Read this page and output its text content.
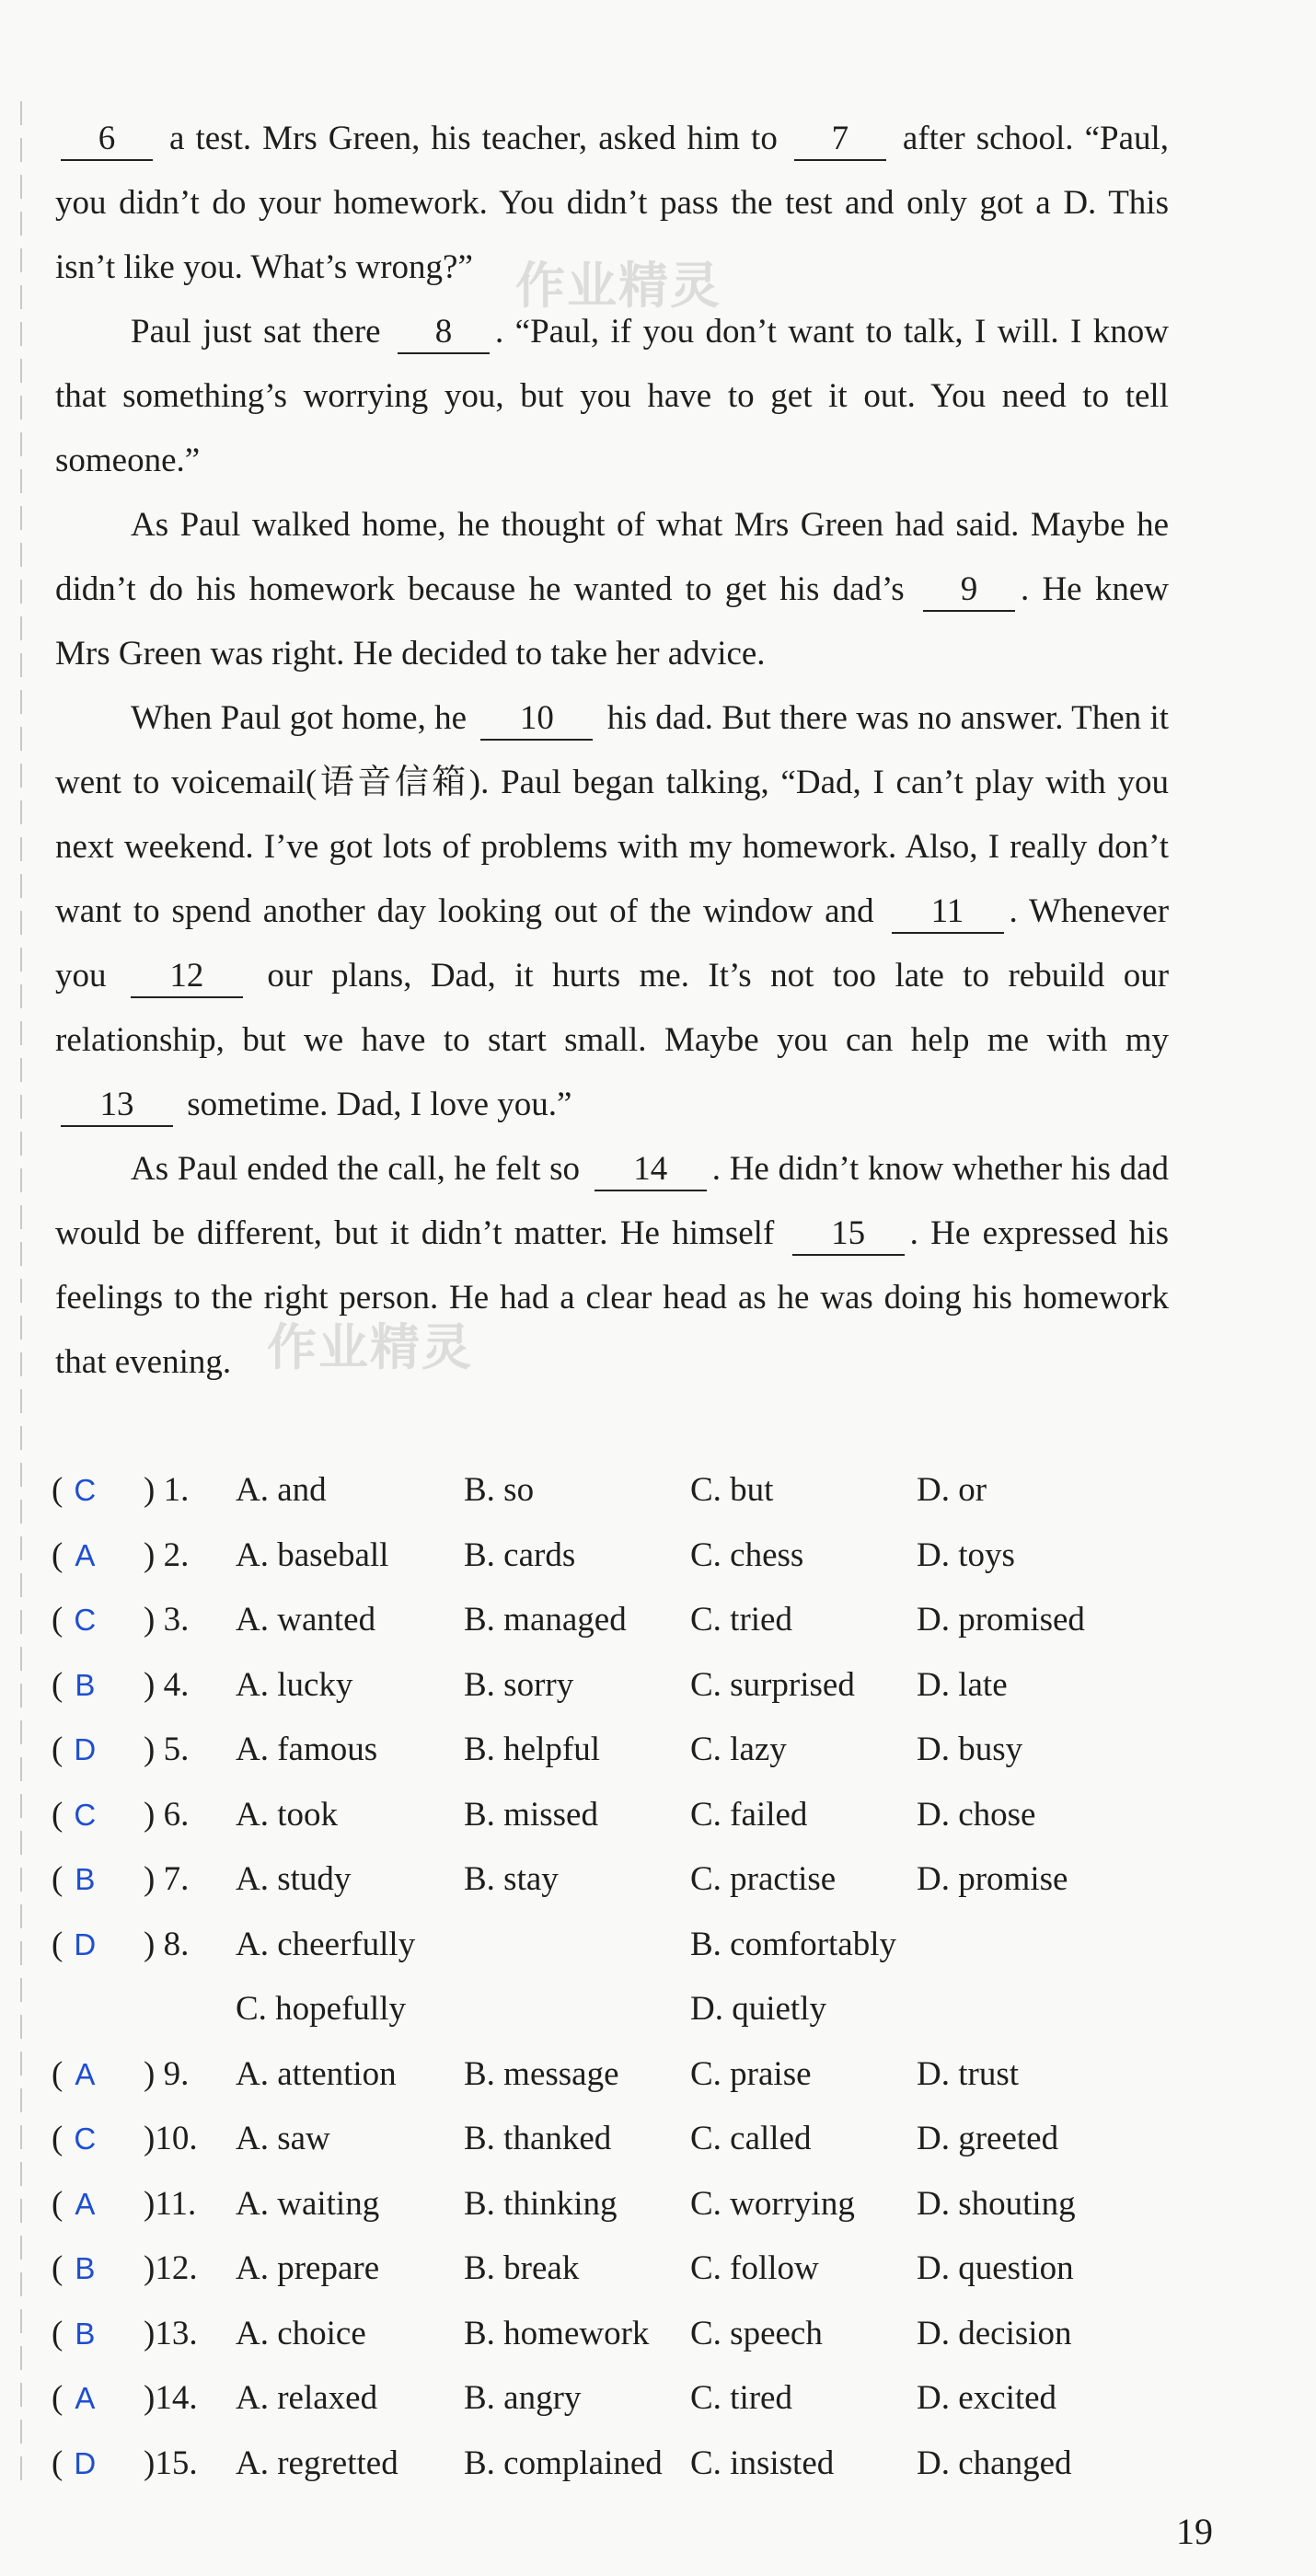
6 a test. Mrs Green, his teacher, asked him to 7 after school. “Paul, you didn’t do your homework. You didn’t pass the test and only got a D. This isn’t like you. What’s wrong?”

Paul just sat there 8 . “Paul, if you don’t want to talk, I will. I know that something’s worrying you, but you have to get it out. You need to tell someone.”

As Paul walked home, he thought of what Mrs Green had said. Maybe he didn’t do his homework because he wanted to get his dad’s 9 . He knew Mrs Green was right. He decided to take her advice.

When Paul got home, he 10 his dad. But there was no answer. Then it went to voicemail(语音信箱). Paul began talking, “Dad, I can’t play with you next weekend. I’ve got lots of problems with my homework. Also, I really don’t want to spend another day looking out of the window and 11 . Whenever you 12 our plans, Dad, it hurts me. It’s not too late to rebuild our relationship, but we have to start small. Maybe you can help me with my 13 sometime. Dad, I love you.”

As Paul ended the call, he felt so 14 . He didn’t know whether his dad would be different, but it didn’t matter. He himself 15 . He expressed his feelings to the right person. He had a clear head as he was doing his homework that evening.

作业精灵
作业精灵
( C	) 1. A. and	B. so	C. but	D. or
( A	) 2. A. baseball B. cards	C. chess	D. toys
( C	) 3. A. wanted	B. managed C. tried	D. promised
( B	) 4. A. lucky	B. sorry	C. surprised D. late
( D	) 5. A. famous	B. helpful	C. lazy	D. busy
( C	) 6. A. took	B. missed	C. failed	D. chose
( B	) 7. A. study	B. stay	C. practise D. promise
( D	) 8. A. cheerfully	B. comfortably
C. hopefully	D. quietly
( A	) 9. A. attention B. message C. praise	D. trust
( C	)10. A. saw	B. thanked C. called	D. greeted
( A	)11. A. waiting B. thinking C. worrying D. shouting
( B	)12. A. prepare B. break	C. follow	D. question
( B	)13. A. choice	B. homework C. speech	D. decision
( A	)14. A. relaxed	B. angry	C. tired	D. excited
( D	)15. A. regretted B. complained C. insisted D. changed
19
